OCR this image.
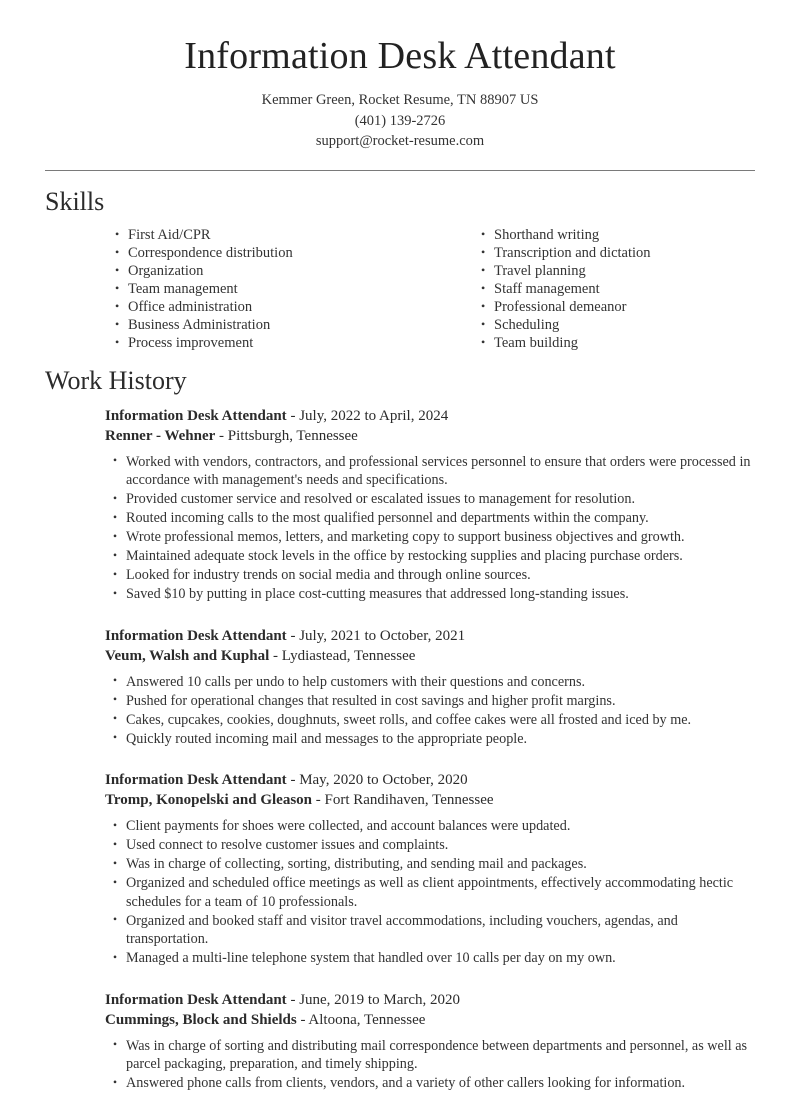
Information Desk Attendant
Kemmer Green, Rocket Resume, TN 88907 US
(401) 139-2726
support@rocket-resume.com
Skills
• First Aid/CPR
• Correspondence distribution
• Organization
• Team management
• Office administration
• Business Administration
• Process improvement
• Shorthand writing
• Transcription and dictation
• Travel planning
• Staff management
• Professional demeanor
• Scheduling
• Team building
Work History
Information Desk Attendant - July, 2022 to April, 2024
Renner - Wehner - Pittsburgh, Tennessee
• Worked with vendors, contractors, and professional services personnel to ensure that orders were processed in accordance with management's needs and specifications.
• Provided customer service and resolved or escalated issues to management for resolution.
• Routed incoming calls to the most qualified personnel and departments within the company.
• Wrote professional memos, letters, and marketing copy to support business objectives and growth.
• Maintained adequate stock levels in the office by restocking supplies and placing purchase orders.
• Looked for industry trends on social media and through online sources.
• Saved $10 by putting in place cost-cutting measures that addressed long-standing issues.
Information Desk Attendant - July, 2021 to October, 2021
Veum, Walsh and Kuphal - Lydiastead, Tennessee
• Answered 10 calls per undo to help customers with their questions and concerns.
• Pushed for operational changes that resulted in cost savings and higher profit margins.
• Cakes, cupcakes, cookies, doughnuts, sweet rolls, and coffee cakes were all frosted and iced by me.
• Quickly routed incoming mail and messages to the appropriate people.
Information Desk Attendant - May, 2020 to October, 2020
Tromp, Konopelski and Gleason - Fort Randihaven, Tennessee
• Client payments for shoes were collected, and account balances were updated.
• Used connect to resolve customer issues and complaints.
• Was in charge of collecting, sorting, distributing, and sending mail and packages.
• Organized and scheduled office meetings as well as client appointments, effectively accommodating hectic schedules for a team of 10 professionals.
• Organized and booked staff and visitor travel accommodations, including vouchers, agendas, and transportation.
• Managed a multi-line telephone system that handled over 10 calls per day on my own.
Information Desk Attendant - June, 2019 to March, 2020
Cummings, Block and Shields - Altoona, Tennessee
• Was in charge of sorting and distributing mail correspondence between departments and personnel, as well as parcel packaging, preparation, and timely shipping.
• Answered phone calls from clients, vendors, and a variety of other callers looking for information.
